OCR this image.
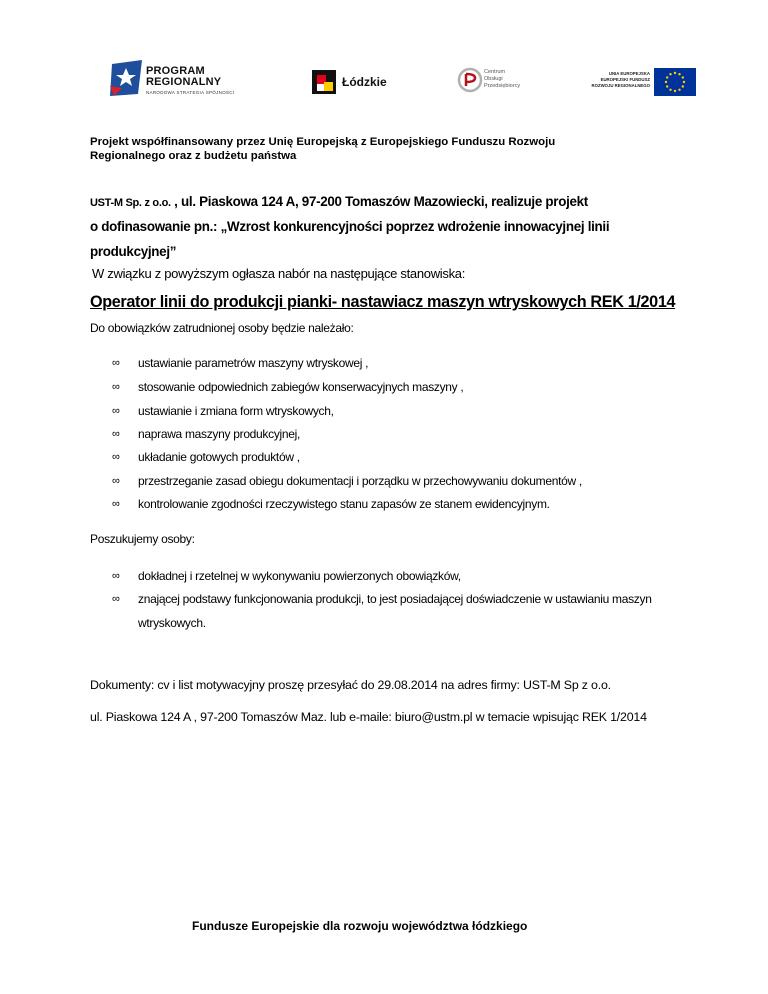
PROGRAM
REGIONALNY
NARODOWA STRATEGIA SPÓJNOŚCI
Łódzkie
Centrum
Obsługi
Przedsiębiorcy
UNIA EUROPEJSKA
EUROPEJSKI FUNDUSZ
ROZWOJU REGIONALNEGO
Projekt współfinansowany przez Unię Europejską z Europejskiego Funduszu Rozwoju
Regionalnego oraz z budżetu państwa
UST-M Sp. z o.o. , ul. Piaskowa 124 A, 97-200 Tomaszów Mazowiecki, realizuje projekt
o dofinasowanie pn.: „Wzrost konkurencyjności poprzez wdrożenie innowacyjnej linii
produkcyjnej”
W związku z powyższym ogłasza nabór na następujące stanowiska:
Operator linii do produkcji pianki- nastawiacz maszyn wtryskowych REK 1/2014
Do obowiązków zatrudnionej osoby będzie należało:
∞ ustawianie parametrów maszyny wtryskowej ,
∞ stosowanie odpowiednich zabiegów konserwacyjnych maszyny ,
∞ ustawianie i zmiana form wtryskowych,
∞ naprawa maszyny produkcyjnej,
∞ układanie gotowych produktów ,
∞ przestrzeganie zasad obiegu dokumentacji i porządku w przechowywaniu dokumentów ,
∞ kontrolowanie zgodności rzeczywistego stanu zapasów ze stanem ewidencyjnym.
Poszukujemy osoby:
∞ dokładnej i rzetelnej w wykonywaniu powierzonych obowiązków,
∞ znającej podstawy funkcjonowania produkcji, to jest posiadającej doświadczenie w ustawianiu maszyn
wtryskowych.
Dokumenty: cv i list motywacyjny proszę przesyłać do 29.08.2014 na adres firmy: UST-M Sp z o.o.
ul. Piaskowa 124 A , 97-200 Tomaszów Maz. lub e-maile: biuro@ustm.pl w temacie wpisując REK 1/2014
Fundusze Europejskie dla rozwoju województwa łódzkiego
